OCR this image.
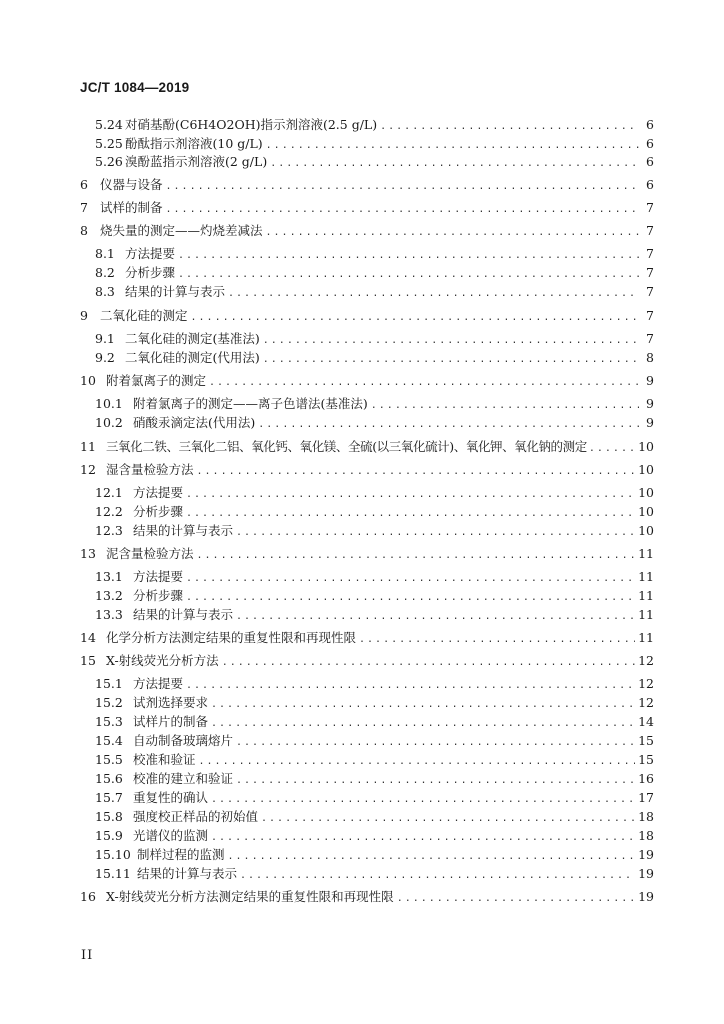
JC/T 1084—2019
5.24 对硝基酚(C6H4O2OH)指示剂溶液(2.5 g/L) .....	6
5.25 酚酞指示剂溶液(10 g/L) .....	6
5.26 溴酚蓝指示剂溶液(2 g/L) .....	6
6 仪器与设备 .....	6
7 试样的制备 .....	7
8 烧失量的测定——灼烧差减法 .....	7
8.1 方法提要 .....	7
8.2 分析步骤 .....	7
8.3 结果的计算与表示 .....	7
9 二氧化硅的测定 .....	7
9.1 二氧化硅的测定(基准法) .....	7
9.2 二氧化硅的测定(代用法) .....	8
10 附着氯离子的测定 .....	9
10.1 附着氯离子的测定——离子色谱法(基准法) .....	9
10.2 硝酸汞滴定法(代用法) .....	9
11 三氧化二铁、三氧化二铝、氧化钙、氧化镁、全硫(以三氧化硫计)、氧化钾、氧化钠的测定 .....	10
12 湿含量检验方法 .....	10
12.1 方法提要 .....	10
12.2 分析步骤 .....	10
12.3 结果的计算与表示 .....	10
13 泥含量检验方法 .....	11
13.1 方法提要 .....	11
13.2 分析步骤 .....	11
13.3 结果的计算与表示 .....	11
14 化学分析方法测定结果的重复性限和再现性限 .....	11
15 X-射线荧光分析方法 .....	12
15.1 方法提要 .....	12
15.2 试剂选择要求 .....	12
15.3 试样片的制备 .....	14
15.4 自动制备玻璃熔片 .....	15
15.5 校准和验证 .....	15
15.6 校准的建立和验证 .....	16
15.7 重复性的确认 .....	17
15.8 强度校正样品的初始值 .....	18
15.9 光谱仪的监测 .....	18
15.10 制样过程的监测 .....	19
15.11 结果的计算与表示 .....	19
16 X-射线荧光分析方法测定结果的重复性限和再现性限 .....	19
II
